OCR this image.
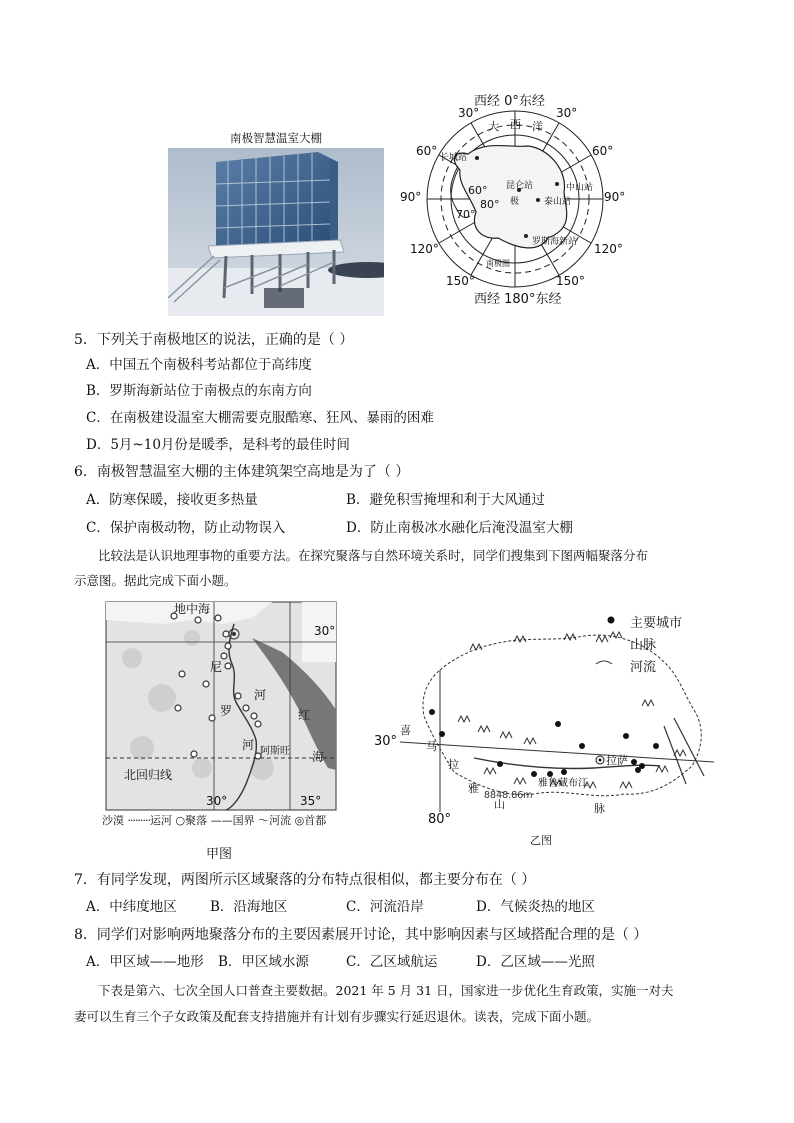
南极智慧温室大棚
西经 0°东经
西经 180°东经
30°	30°
60°	60°
90°	90°
120°	120°
150°	150°
60°
70°
80°
大 西 洋
长城站
昆仑站	中山站
泰山站
罗斯海新站
极
南极圈
5．下列关于南极地区的说法，正确的是（ ）
A．中国五个南极科考站都位于高纬度
B．罗斯海新站位于南极点的东南方向
C．在南极建设温室大棚需要克服酷寒、狂风、暴雨的困难
D．5月~10月份是暖季，是科考的最佳时间
6．南极智慧温室大棚的主体建筑架空高地是为了（ ）
A．防寒保暖，接收更多热量	B．避免积雪掩埋和利于大风通过
C．保护南极动物，防止动物误入	D．防止南极冰水融化后淹没温室大棚
比较法是认识地理事物的重要方法。在探究聚落与自然环境关系时，同学们搜集到下图两幅聚落分布
示意图。据此完成下面小题。
地中海
30°
尼
河
罗	红
河
海
阿斯旺
北回归线
30°	35°
沙漠 ·········运河 ○聚落 ——国界 〜河流 ◎首都
甲图
主要城市
山脉
河流
喜
马
拉
雅
山	脉
拉萨
雅鲁藏布江
8848.86m
30°
80°
乙图
7．有同学发现，两图所示区域聚落的分布特点很相似，都主要分布在（ ）
A．中纬度地区 B．沿海地区	C．河流沿岸	D．气候炎热的地区
8．同学们对影响两地聚落分布的主要因素展开讨论，其中影响因素与区域搭配合理的是（ ）
A．甲区域——地形 B．甲区域水源	C．乙区域航运	D．乙区域——光照
下表是第六、七次全国人口普查主要数据。2021 年 5 月 31 日，国家进一步优化生育政策，实施一对夫
妻可以生育三个子女政策及配套支持措施并有计划有步骤实行延迟退休。读表，完成下面小题。
